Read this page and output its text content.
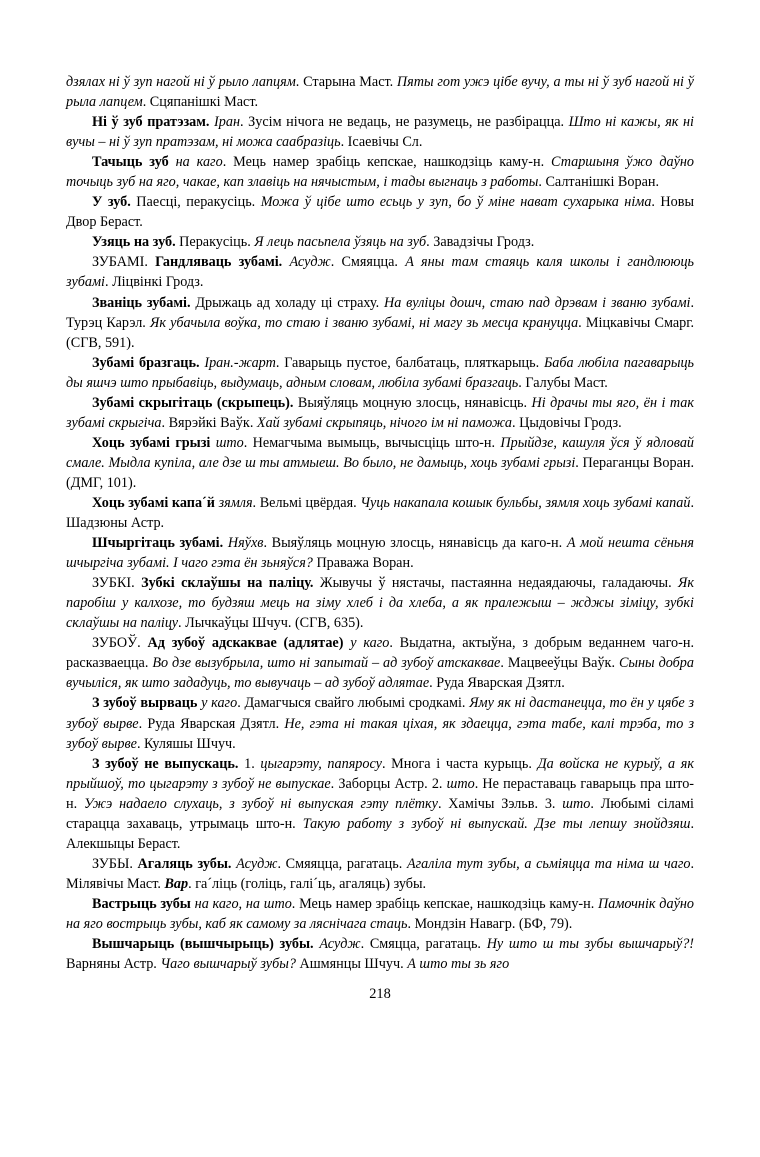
дзялах ні ў зуп нагой ні ў рыло лапцям. Старына Маст. Пяты гот ужэ цібе вучу, а ты ні ў зуб нагой ні ў рыла лапцем. Сцяпанішкі Маст.

Ні ў зуб пратэзам. Іран. Зусім нічога не ведаць, не разумець, не разбірацца. Што ні кажы, як ні вучы – ні ў зуп пратэзам, ні можа саабразіць. Ісаевічы Сл.

Тачыць зуб на каго. Мець намер зрабіць кепскае, нашкодзіць каму-н. Старшыня ўжо даўно точыць зуб на яго, чакае, кап злавіць на нячыстым, і тады выгнаць з работы. Салтанішкі Воран.

У зуб. Паесці, перакусіць. Можа ў цібе што есьць у зуп, бо ў міне нават сухарыка німа. Новы Двор Бераст.

Узяць на зуб. Перакусіць. Я лець пасьпела ўзяць на зуб. Завадзічы Гродз.

ЗУБАМІ. Гандляваць зубамі. Асудж. Смяяцца. А яны там стаяць каля школы і гандлююць зубамі. Ліцвінкі Гродз.

Званіць зубамі. Дрыжаць ад холаду ці страху. На вуліцы дошч, стаю пад дрэвам і званю зубамі. Турэц Карэл. Як убачыла воўка, то стаю і званю зубамі, ні магу зь месца крануцца. Міцкавічы Смарг. (СГВ, 591).

Зубамі бразгаць. Іран.-жарт. Гаварыць пустое, балбатаць, пляткарыць. Баба любіла пагаварыць ды яшчэ што прыбавіць, выдумаць, адным словам, любіла зубамі бразгаць. Галубы Маст.

Зубамі скрыгітаць (скрыпець). Выяўляць моцную злосць, нянавісць. Ні драчы ты яго, ён і так зубамі скрыгіча. Вярэйкі Ваўк. Хай зубамі скрыпяць, нічого ім ні паможа. Цыдовічы Гродз.

Хоць зубамі грызі што. Немагчыма вымыць, вычысціць што-н. Прыйдзе, кашуля ўся ў ядловай смале. Мыдла купіла, але дзе ш ты атмыеш. Во было, не дамыць, хоць зубамі грызі. Пераганцы Воран. (ДМГ, 101).

Хоць зубамі капа´й зямля. Вельмі цвёрдая. Чуць накапала кошык бульбы, зямля хоць зубамі капай. Шадзюны Астр.

Шчыргітаць зубамі. Няўхв. Выяўляць моцную злосць, нянавісць да каго-н. А мой нешта сёньня шчыргіча зубамі. І чаго гэта ён зьняўся? Праважа Воран.

ЗУБКІ. Зубкі склаўшы на паліцу. Жывучы ў нястачы, пастаянна недаядаючы, галадаючы. Як паробіш у калхозе, то будзяш мець на зіму хлеб і да хлеба, а як пралежыш – жджы зіміцу, зубкі склаўшы на паліцу. Лычкаўцы Шчуч. (СГВ, 635).

ЗУБОЎ. Ад зубоў адскаквае (адлятае) у каго. Выдатна, актыўна, з добрым веданнем чаго-н. расказваецца. Во дзе вызубрыла, што ні запытай – ад зубоў атскаквае. Мацвееўцы Ваўк. Сыны добра вучыліся, як што зададуць, то вывучаць – ад зубоў адлятае. Руда Яварская Дзятл.

З зубоў вырваць у каго. Дамагчыся свайго любымі сродкамі. Яму як ні дастанецца, то ён у цябе з зубоў вырве. Руда Яварская Дзятл. Не, гэта ні такая ціхая, як здаецца, гэта табе, калі трэба, то з зубоў вырве. Куляшы Шчуч.

З зубоў не выпускаць. 1. цыгарэту, папяросу. Многа і часта курыць. Да войска не курыў, а як прыйшоў, то цыгарэту з зубоў не выпускае. Заборцы Астр. 2. што. Не пераставаць гаварыць пра што-н. Ужэ надаело слухаць, з зубоў ні выпуская гэту плётку. Хамічы Зэльв. 3. што. Любымі сіламі старацца захаваць, утрымаць што-н. Такую работу з зубоў ні выпускай. Дзе ты лепшу знойдзяш. Алекшыцы Бераст.

ЗУБЫ. Агаляць зубы. Асудж. Смяяцца, рагатаць. Агаліла тут зубы, а сьміяцца та німа ш чаго. Мілявічы Маст. Вар. га´ліць (голіць, галі´ць, агаляць) зубы.

Вастрыць зубы на каго, на што. Мець намер зрабіць кепскае, нашкодзіць каму-н. Памочнік даўно на яго вострыць зубы, каб як самому за ляснічага стаць. Мондзін Навагр. (БФ, 79).

Вышчарыць (вышчырыць) зубы. Асудж. Смяцца, рагатаць. Ну што ш ты зубы вышчарыў?! Варняны Астр. Чаго вышчарыў зубы? Ашмянцы Шчуч. А што ты зь яго

218
